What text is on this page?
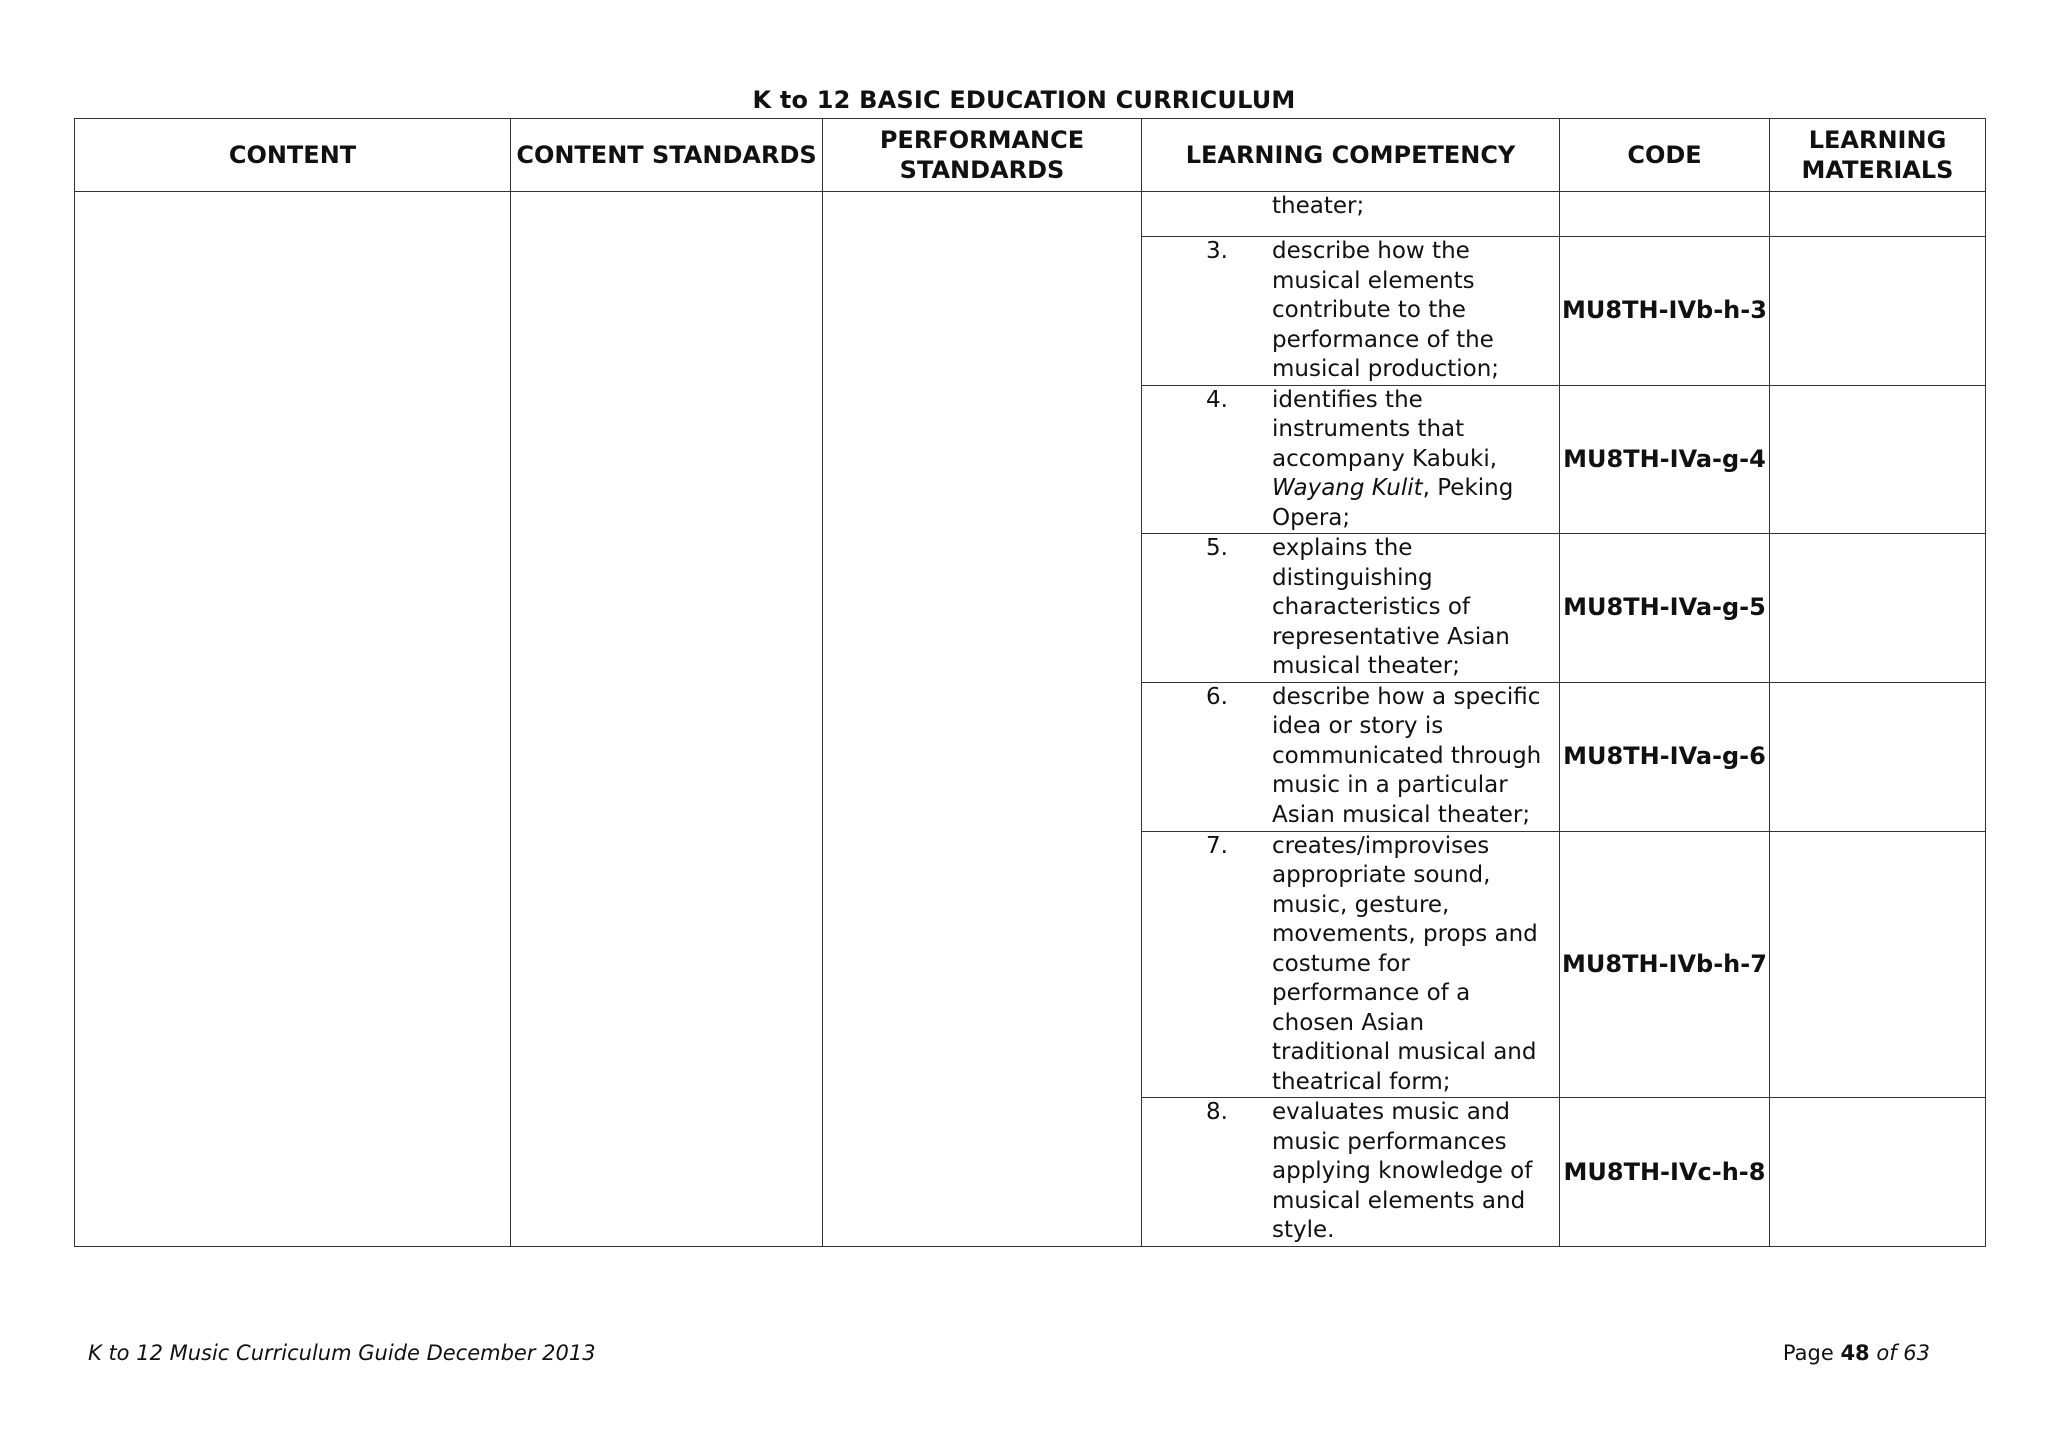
K to 12 BASIC EDUCATION CURRICULUM
CONTENT	CONTENT STANDARDS	PERFORMANCE STANDARDS	LEARNING COMPETENCY	CODE	LEARNING MATERIALS

			theater;		

			3. describe how the musical elements contribute to the performance of the musical production;	MU8TH-IVb-h-3	

			4. identifies the instruments that accompany Kabuki, Wayang Kulit, Peking Opera;	MU8TH-IVa-g-4	

			5. explains the distinguishing characteristics of representative Asian musical theater;	MU8TH-IVa-g-5	

			6. describe how a specific idea or story is communicated through music in a particular Asian musical theater;	MU8TH-IVa-g-6	

			7. creates/improvises appropriate sound, music, gesture, movements, props and costume for performance of a chosen Asian traditional musical and theatrical form;	MU8TH-IVb-h-7	

			8. evaluates music and music performances applying knowledge of musical elements and style.	MU8TH-IVc-h-8	
K to 12 Music Curriculum Guide December 2013	Page 48 of 63
